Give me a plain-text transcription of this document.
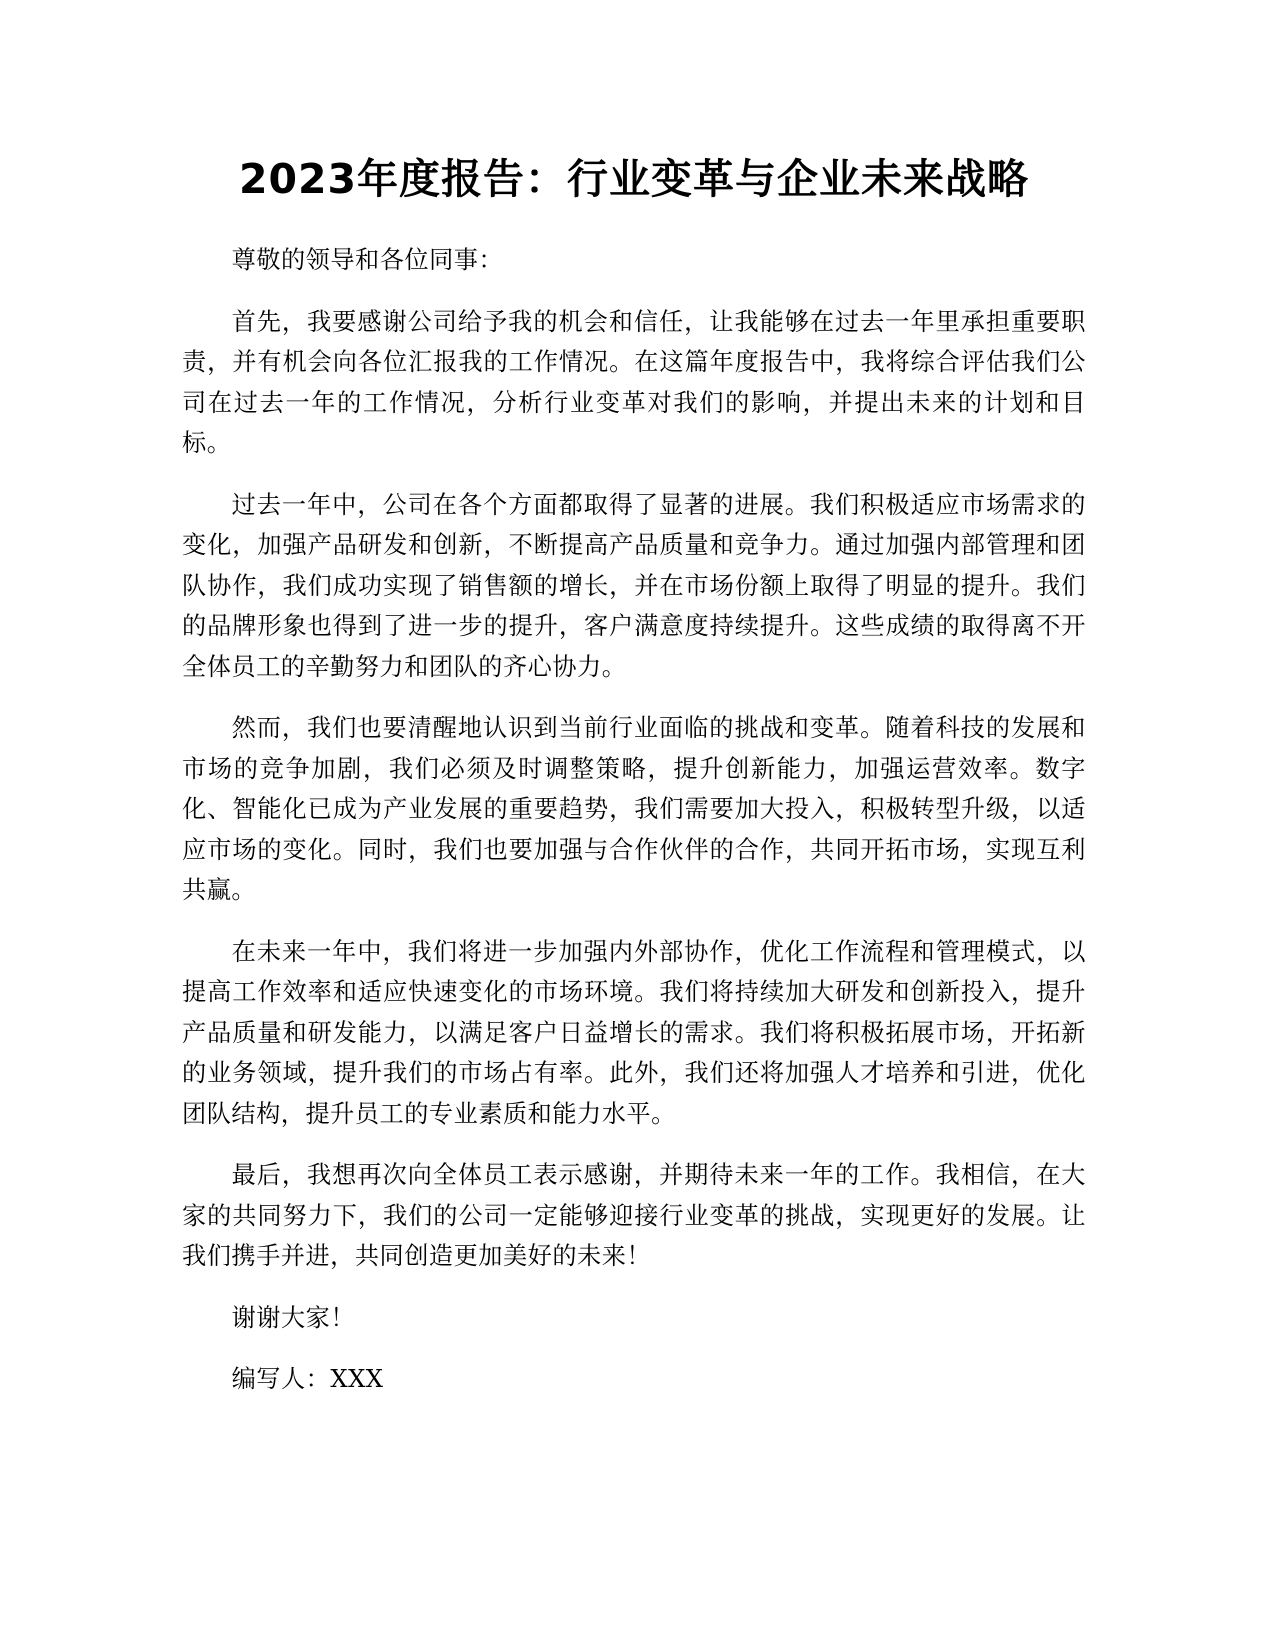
2023年度报告：行业变革与企业未来战略

尊敬的领导和各位同事：

首先，我要感谢公司给予我的机会和信任，让我能够在过去一年里承担重要职责，并有机会向各位汇报我的工作情况。在这篇年度报告中，我将综合评估我们公司在过去一年的工作情况，分析行业变革对我们的影响，并提出未来的计划和目标。

过去一年中，公司在各个方面都取得了显著的进展。我们积极适应市场需求的变化，加强产品研发和创新，不断提高产品质量和竞争力。通过加强内部管理和团队协作，我们成功实现了销售额的增长，并在市场份额上取得了明显的提升。我们的品牌形象也得到了进一步的提升，客户满意度持续提升。这些成绩的取得离不开全体员工的辛勤努力和团队的齐心协力。

然而，我们也要清醒地认识到当前行业面临的挑战和变革。随着科技的发展和市场的竞争加剧，我们必须及时调整策略，提升创新能力，加强运营效率。数字化、智能化已成为产业发展的重要趋势，我们需要加大投入，积极转型升级，以适应市场的变化。同时，我们也要加强与合作伙伴的合作，共同开拓市场，实现互利共赢。

在未来一年中，我们将进一步加强内外部协作，优化工作流程和管理模式，以提高工作效率和适应快速变化的市场环境。我们将持续加大研发和创新投入，提升产品质量和研发能力，以满足客户日益增长的需求。我们将积极拓展市场，开拓新的业务领域，提升我们的市场占有率。此外，我们还将加强人才培养和引进，优化团队结构，提升员工的专业素质和能力水平。

最后，我想再次向全体员工表示感谢，并期待未来一年的工作。我相信，在大家的共同努力下，我们的公司一定能够迎接行业变革的挑战，实现更好的发展。让我们携手并进，共同创造更加美好的未来！

谢谢大家！

编写人：XXX
